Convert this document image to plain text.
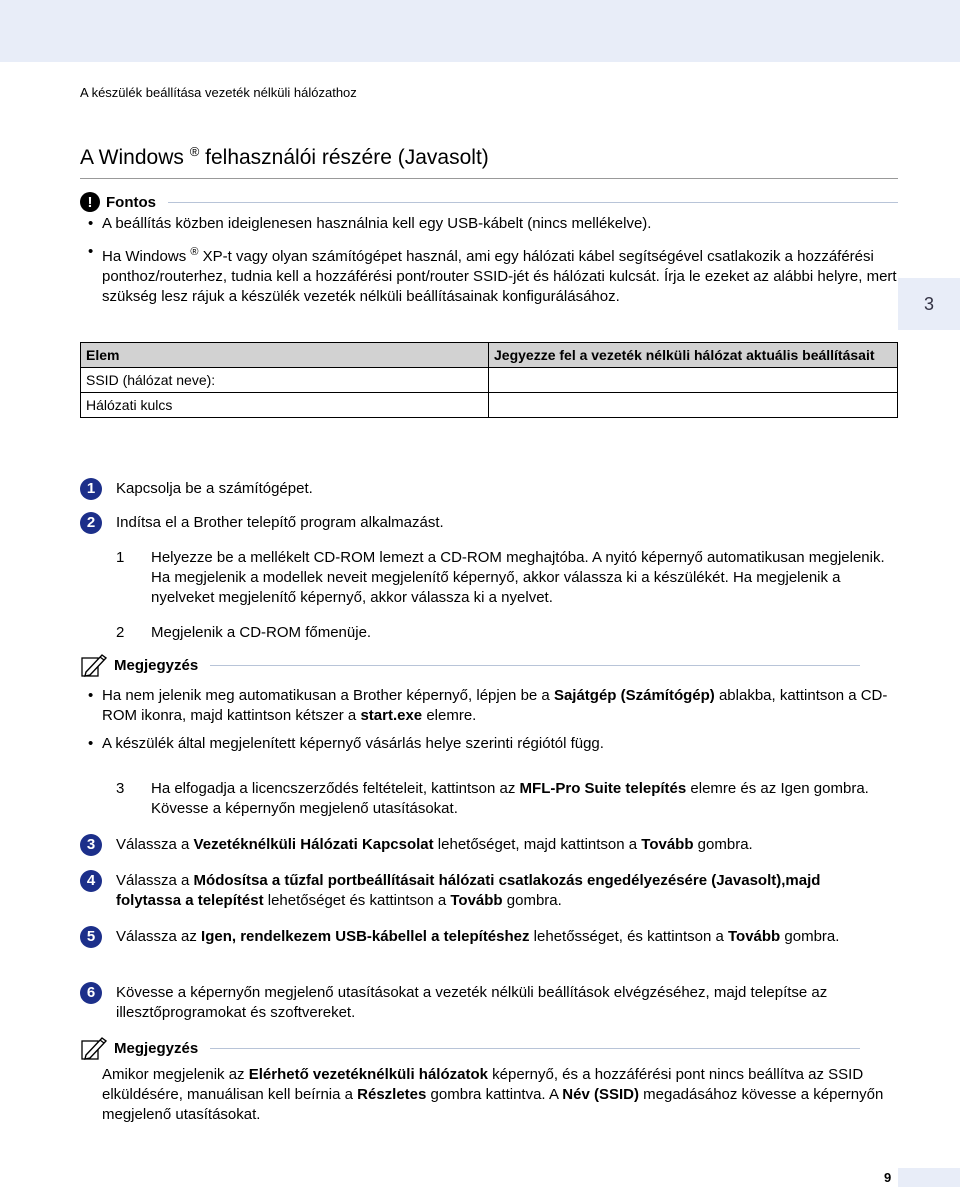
3
9
A készülék beállítása vezeték nélküli hálózathoz
A Windows ® felhasználói részére (Javasolt)
! Fontos
• A beállítás közben ideiglenesen használnia kell egy USB-kábelt (nincs mellékelve).
• Ha Windows ® XP-t vagy olyan számítógépet használ, ami egy hálózati kábel segítségével csatlakozik a hozzáférési ponthoz/routerhez, tudnia kell a hozzáférési pont/router SSID-jét és hálózati kulcsát. Írja le ezeket az alábbi helyre, mert szükség lesz rájuk a készülék vezeték nélküli beállításainak konfigurálásához.
Elem	Jegyezze fel a vezeték nélküli hálózat aktuális beállításait
SSID (hálózat neve):	
Hálózati kulcs	
1	Kapcsolja be a számítógépet.
2	Indítsa el a Brother telepítő program alkalmazást.
1	Helyezze be a mellékelt CD-ROM lemezt a CD-ROM meghajtóba. A nyitó képernyő automatikusan megjelenik. Ha megjelenik a modellek neveit megjelenítő képernyő, akkor válassza ki a készülékét. Ha megjelenik a nyelveket megjelenítő képernyő, akkor válassza ki a nyelvet.
2	Megjelenik a CD-ROM főmenüje.
Megjegyzés
• Ha nem jelenik meg automatikusan a Brother képernyő, lépjen be a Sajátgép (Számítógép) ablakba, kattintson a CD-ROM ikonra, majd kattintson kétszer a start.exe elemre.
• A készülék által megjelenített képernyő vásárlás helye szerinti régiótól függ.
3	Ha elfogadja a licencszerződés feltételeit, kattintson az MFL-Pro Suite telepítés elemre és az Igen gombra. Kövesse a képernyőn megjelenő utasításokat.
3	Válassza a Vezetéknélküli Hálózati Kapcsolat lehetőséget, majd kattintson a Tovább gombra.
4	Válassza a Módosítsa a tűzfal portbeállításait hálózati csatlakozás engedélyezésére (Javasolt),majd folytassa a telepítést lehetőséget és kattintson a Tovább gombra.
5	Válassza az Igen, rendelkezem USB-kábellel a telepítéshez lehetősséget, és kattintson a Tovább gombra.
6	Kövesse a képernyőn megjelenő utasításokat a vezeték nélküli beállítások elvégzéséhez, majd telepítse az illesztőprogramokat és szoftvereket.
Megjegyzés
Amikor megjelenik az Elérhető vezetéknélküli hálózatok képernyő, és a hozzáférési pont nincs beállítva az SSID elküldésére, manuálisan kell beírnia a Részletes gombra kattintva. A Név (SSID) megadásához kövesse a képernyőn megjelenő utasításokat.
